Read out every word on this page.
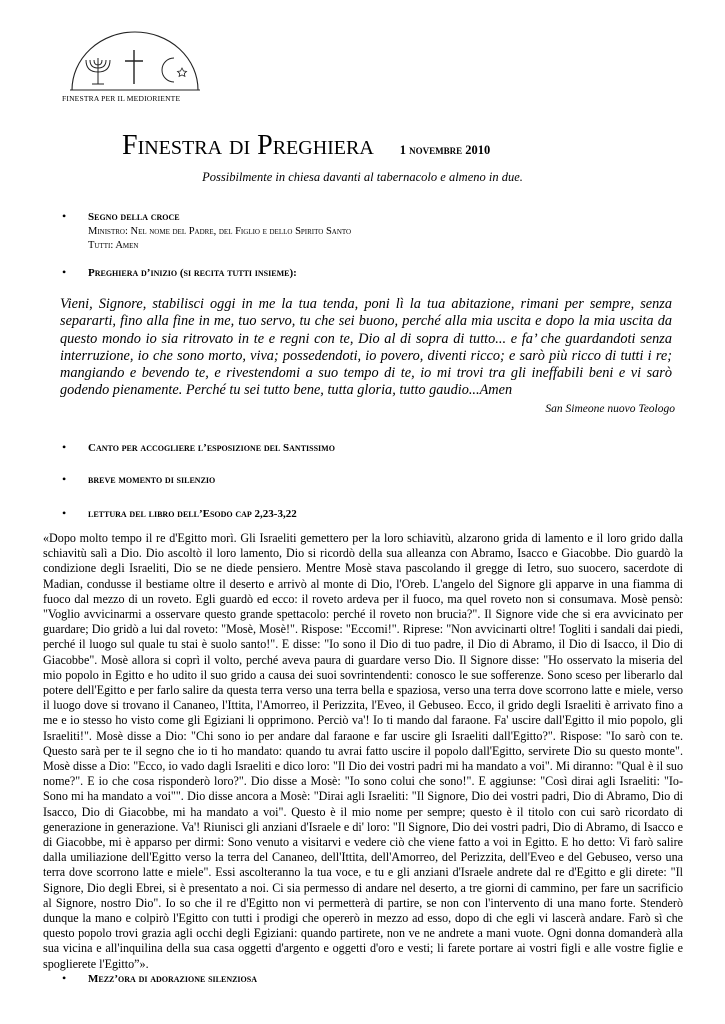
FINESTRA PER IL MEDIORIENTE
Finestra di Preghiera 1 novembre 2010
Possibilmente in chiesa davanti al tabernacolo e almeno in due.
• Segno della croce
Ministro: Nel nome del Padre, del Figlio e dello Spirito Santo
Tutti: Amen
• Preghiera d’inizio (si recita tutti insieme):
Vieni, Signore, stabilisci oggi in me la tua tenda, poni lì la tua abitazione, rimani per sempre, senza separarti, fino alla fine in me, tuo servo, tu che sei buono, perché alla mia uscita e dopo la mia uscita da questo mondo io sia ritrovato in te e regni con te, Dio al di sopra di tutto... e fa’ che guardandoti senza interruzione, io che sono morto, viva; possedendoti, io povero, diventi ricco; e sarò più ricco di tutti i re; mangiando e bevendo te, e rivestendomi a suo tempo di te, io mi trovi tra gli ineffabili beni e vi sarò godendo pienamente. Perché tu sei tutto bene, tutta gloria, tutto gaudio...Amen
San Simeone nuovo Teologo
• Canto per accogliere l’esposizione del Santissimo
• breve momento di silenzio
• lettura del libro dell’Esodo cap 2,23-3,22
«Dopo molto tempo il re d'Egitto morì. Gli Israeliti gemettero per la loro schiavitù, alzarono grida di lamento e il loro grido dalla schiavitù salì a Dio. Dio ascoltò il loro lamento, Dio si ricordò della sua alleanza con Abramo, Isacco e Giacobbe. Dio guardò la condizione degli Israeliti, Dio se ne diede pensiero. Mentre Mosè stava pascolando il gregge di Ietro, suo suocero, sacerdote di Madian, condusse il bestiame oltre il deserto e arrivò al monte di Dio, l'Oreb. L'angelo del Signore gli apparve in una fiamma di fuoco dal mezzo di un roveto. Egli guardò ed ecco: il roveto ardeva per il fuoco, ma quel roveto non si consumava. Mosè pensò: "Voglio avvicinarmi a osservare questo grande spettacolo: perché il roveto non brucia?". Il Signore vide che si era avvicinato per guardare; Dio gridò a lui dal roveto: "Mosè, Mosè!". Rispose: "Eccomi!". Riprese: "Non avvicinarti oltre! Togliti i sandali dai piedi, perché il luogo sul quale tu stai è suolo santo!". E disse: "Io sono il Dio di tuo padre, il Dio di Abramo, il Dio di Isacco, il Dio di Giacobbe". Mosè allora si coprì il volto, perché aveva paura di guardare verso Dio. Il Signore disse: "Ho osservato la miseria del mio popolo in Egitto e ho udito il suo grido a causa dei suoi sovrintendenti: conosco le sue sofferenze. Sono sceso per liberarlo dal potere dell'Egitto e per farlo salire da questa terra verso una terra bella e spaziosa, verso una terra dove scorrono latte e miele, verso il luogo dove si trovano il Cananeo, l'Ittita, l'Amorreo, il Perizzita, l'Eveo, il Gebuseo. Ecco, il grido degli Israeliti è arrivato fino a me e io stesso ho visto come gli Egiziani li opprimono. Perciò va'! Io ti mando dal faraone. Fa' uscire dall'Egitto il mio popolo, gli Israeliti!". Mosè disse a Dio: "Chi sono io per andare dal faraone e far uscire gli Israeliti dall'Egitto?". Rispose: "Io sarò con te. Questo sarà per te il segno che io ti ho mandato: quando tu avrai fatto uscire il popolo dall'Egitto, servirete Dio su questo monte". Mosè disse a Dio: "Ecco, io vado dagli Israeliti e dico loro: "Il Dio dei vostri padri mi ha mandato a voi". Mi diranno: "Qual è il suo nome?". E io che cosa risponderò loro?". Dio disse a Mosè: "Io sono colui che sono!". E aggiunse: "Così dirai agli Israeliti: "Io-Sono mi ha mandato a voi"". Dio disse ancora a Mosè: "Dirai agli Israeliti: "Il Signore, Dio dei vostri padri, Dio di Abramo, Dio di Isacco, Dio di Giacobbe, mi ha mandato a voi". Questo è il mio nome per sempre; questo è il titolo con cui sarò ricordato di generazione in generazione. Va'! Riunisci gli anziani d'Israele e di' loro: "Il Signore, Dio dei vostri padri, Dio di Abramo, di Isacco e di Giacobbe, mi è apparso per dirmi: Sono venuto a visitarvi e vedere ciò che viene fatto a voi in Egitto. E ho detto: Vi farò salire dalla umiliazione dell'Egitto verso la terra del Cananeo, dell'Ittita, dell'Amorreo, del Perizzita, dell'Eveo e del Gebuseo, verso una terra dove scorrono latte e miele". Essi ascolteranno la tua voce, e tu e gli anziani d'Israele andrete dal re d'Egitto e gli direte: "Il Signore, Dio degli Ebrei, si è presentato a noi. Ci sia permesso di andare nel deserto, a tre giorni di cammino, per fare un sacrificio al Signore, nostro Dio". Io so che il re d'Egitto non vi permetterà di partire, se non con l'intervento di una mano forte. Stenderò dunque la mano e colpirò l'Egitto con tutti i prodigi che opererò in mezzo ad esso, dopo di che egli vi lascerà andare. Farò sì che questo popolo trovi grazia agli occhi degli Egiziani: quando partirete, non ve ne andrete a mani vuote. Ogni donna domanderà alla sua vicina e all'inquilina della sua casa oggetti d'argento e oggetti d'oro e vesti; li farete portare ai vostri figli e alle vostre figlie e spoglierete l'Egitto”».
• Mezz’ora di adorazione silenziosa
